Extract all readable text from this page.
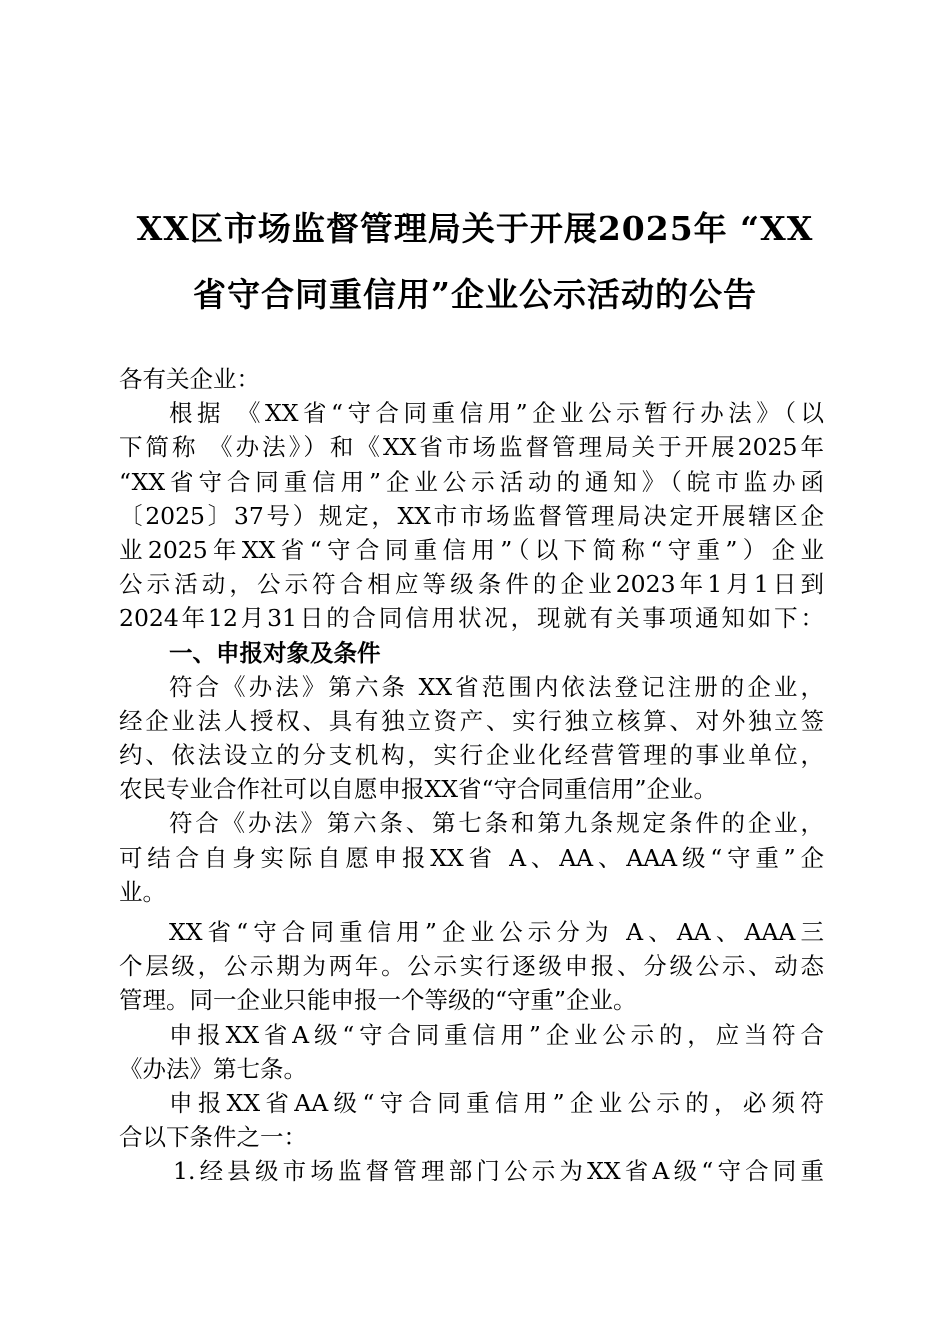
XX区市场监督管理局关于开展2025年 “XX
省守合同重信用”企业公示活动的公告
各有关企业：
根据 《XX省“守合同重信用”企业公示暂行办法》（以
下简称 《办法》）和《XX省市场监督管理局关于开展2025年
“XX省守合同重信用”企业公示活动的通知》（皖市监办函
〔2025〕37号）规定，XX市市场监督管理局决定开展辖区企
业2025年XX省“守合同重信用”（以下简称“守重”）企业
公示活动，公示符合相应等级条件的企业2023年1月1日到
2024年12月31日的合同信用状况，现就有关事项通知如下：
一、申报对象及条件
符合《办法》第六条 XX省范围内依法登记注册的企业，
经企业法人授权、具有独立资产、实行独立核算、对外独立签
约、依法设立的分支机构，实行企业化经营管理的事业单位，
农民专业合作社可以自愿申报XX省“守合同重信用”企业。
符合《办法》第六条、第七条和第九条规定条件的企业，
可结合自身实际自愿申报XX省 A、AA、AAA级“守重”企
业。
XX省“守合同重信用”企业公示分为 A、AA、AAA三
个层级，公示期为两年。公示实行逐级申报、分级公示、动态
管理。同一企业只能申报一个等级的“守重”企业。
申报XX省A级“守合同重信用”企业公示的，应当符合
《办法》第七条。
申报XX省AA级“守合同重信用”企业公示的，必须符
合以下条件之一：
1.经县级市场监督管理部门公示为XX省A级“守合同重
